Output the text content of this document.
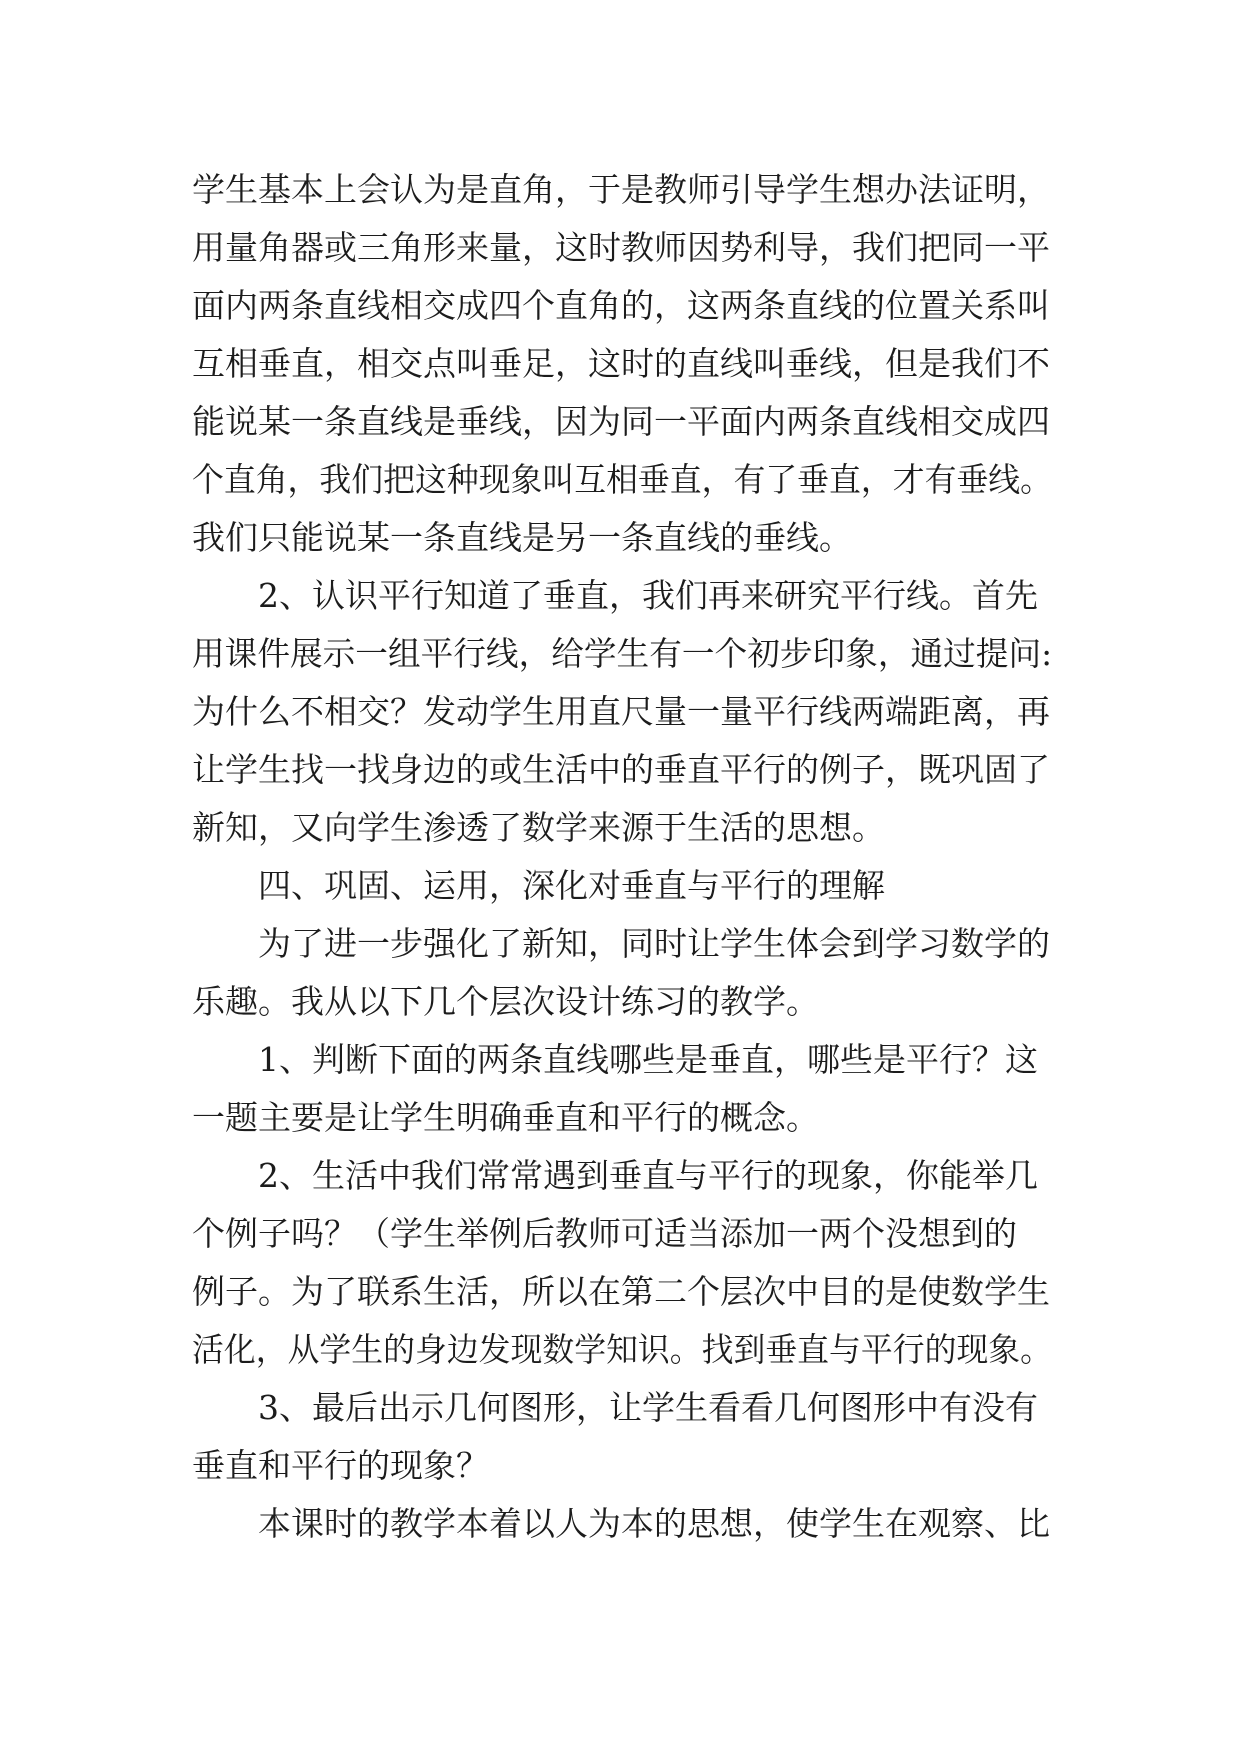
学生基本上会认为是直角，于是教师引导学生想办法证明，
用量角器或三角形来量，这时教师因势利导，我们把同一平
面内两条直线相交成四个直角的，这两条直线的位置关系叫
互相垂直，相交点叫垂足，这时的直线叫垂线，但是我们不
能说某一条直线是垂线，因为同一平面内两条直线相交成四
个直角，我们把这种现象叫互相垂直，有了垂直，才有垂线。
我们只能说某一条直线是另一条直线的垂线。
2、认识平行知道了垂直，我们再来研究平行线。首先
用课件展示一组平行线，给学生有一个初步印象，通过提问:
为什么不相交？发动学生用直尺量一量平行线两端距离，再
让学生找一找身边的或生活中的垂直平行的例子，既巩固了
新知，又向学生渗透了数学来源于生活的思想。
四、巩固、运用，深化对垂直与平行的理解
为了进一步强化了新知，同时让学生体会到学习数学的
乐趣。我从以下几个层次设计练习的教学。
1、判断下面的两条直线哪些是垂直，哪些是平行？这
一题主要是让学生明确垂直和平行的概念。
2、生活中我们常常遇到垂直与平行的现象，你能举几
个例子吗？（学生举例后教师可适当添加一两个没想到的
例子。为了联系生活，所以在第二个层次中目的是使数学生
活化，从学生的身边发现数学知识。找到垂直与平行的现象。
3、最后出示几何图形，让学生看看几何图形中有没有
垂直和平行的现象？
本课时的教学本着以人为本的思想，使学生在观察、比
